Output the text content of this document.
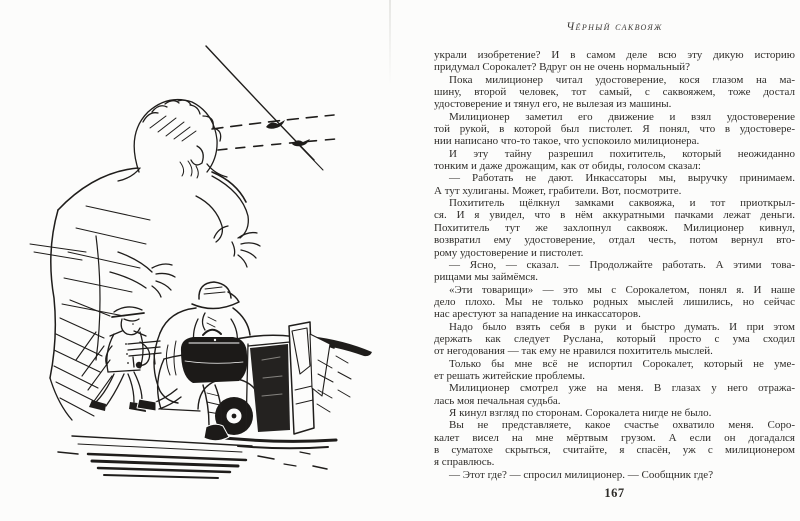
Чёрный саквояж
украли изобретение? И в самом деле всю эту дикую историю
придумал Сорокалет? Вдруг он не очень нормальный?
Пока милиционер читал удостоверение, кося глазом на ма-
шину, второй человек, тот самый, с саквояжем, тоже достал
удостоверение и тянул его, не вылезая из машины.
Милиционер заметил его движение и взял удостоверение
той рукой, в которой был пистолет. Я понял, что в удостовере-
нии написано что-то такое, что успокоило милиционера.
И эту тайну разрешил похититель, который неожиданно
тонким и даже дрожащим, как от обиды, голосом сказал:
— Работать не дают. Инкассаторы мы, выручку принимаем.
А тут хулиганы. Может, грабители. Вот, посмотрите.
Похититель щёлкнул замками саквояжа, и тот приоткрыл-
ся. И я увидел, что в нём аккуратными пачками лежат деньги.
Похититель тут же захлопнул саквояж. Милиционер кивнул,
возвратил ему удостоверение, отдал честь, потом вернул вто-
рому удостоверение и пистолет.
— Ясно, — сказал. — Продолжайте работать. А этими това-
рищами мы займёмся.
«Эти товарищи» — это мы с Сорокалетом, понял я. И наше
дело плохо. Мы не только родных мыслей лишились, но сейчас
нас арестуют за нападение на инкассаторов.
Надо было взять себя в руки и быстро думать. И при этом
держать как следует Руслана, который просто с ума сходил
от негодования — так ему не нравился похититель мыслей.
Только бы мне всё не испортил Сорокалет, который не уме-
ет решать житейские проблемы.
Милиционер смотрел уже на меня. В глазах у него отража-
лась моя печальная судьба.
Я кинул взгляд по сторонам. Сорокалета нигде не было.
Вы не представляете, какое счастье охватило меня. Соро-
калет висел на мне мёртвым грузом. А если он догадался
в суматохе скрыться, считайте, я спасён, уж с милиционером
я справлюсь.
— Этот где? — спросил милиционер. — Сообщник где?
167
